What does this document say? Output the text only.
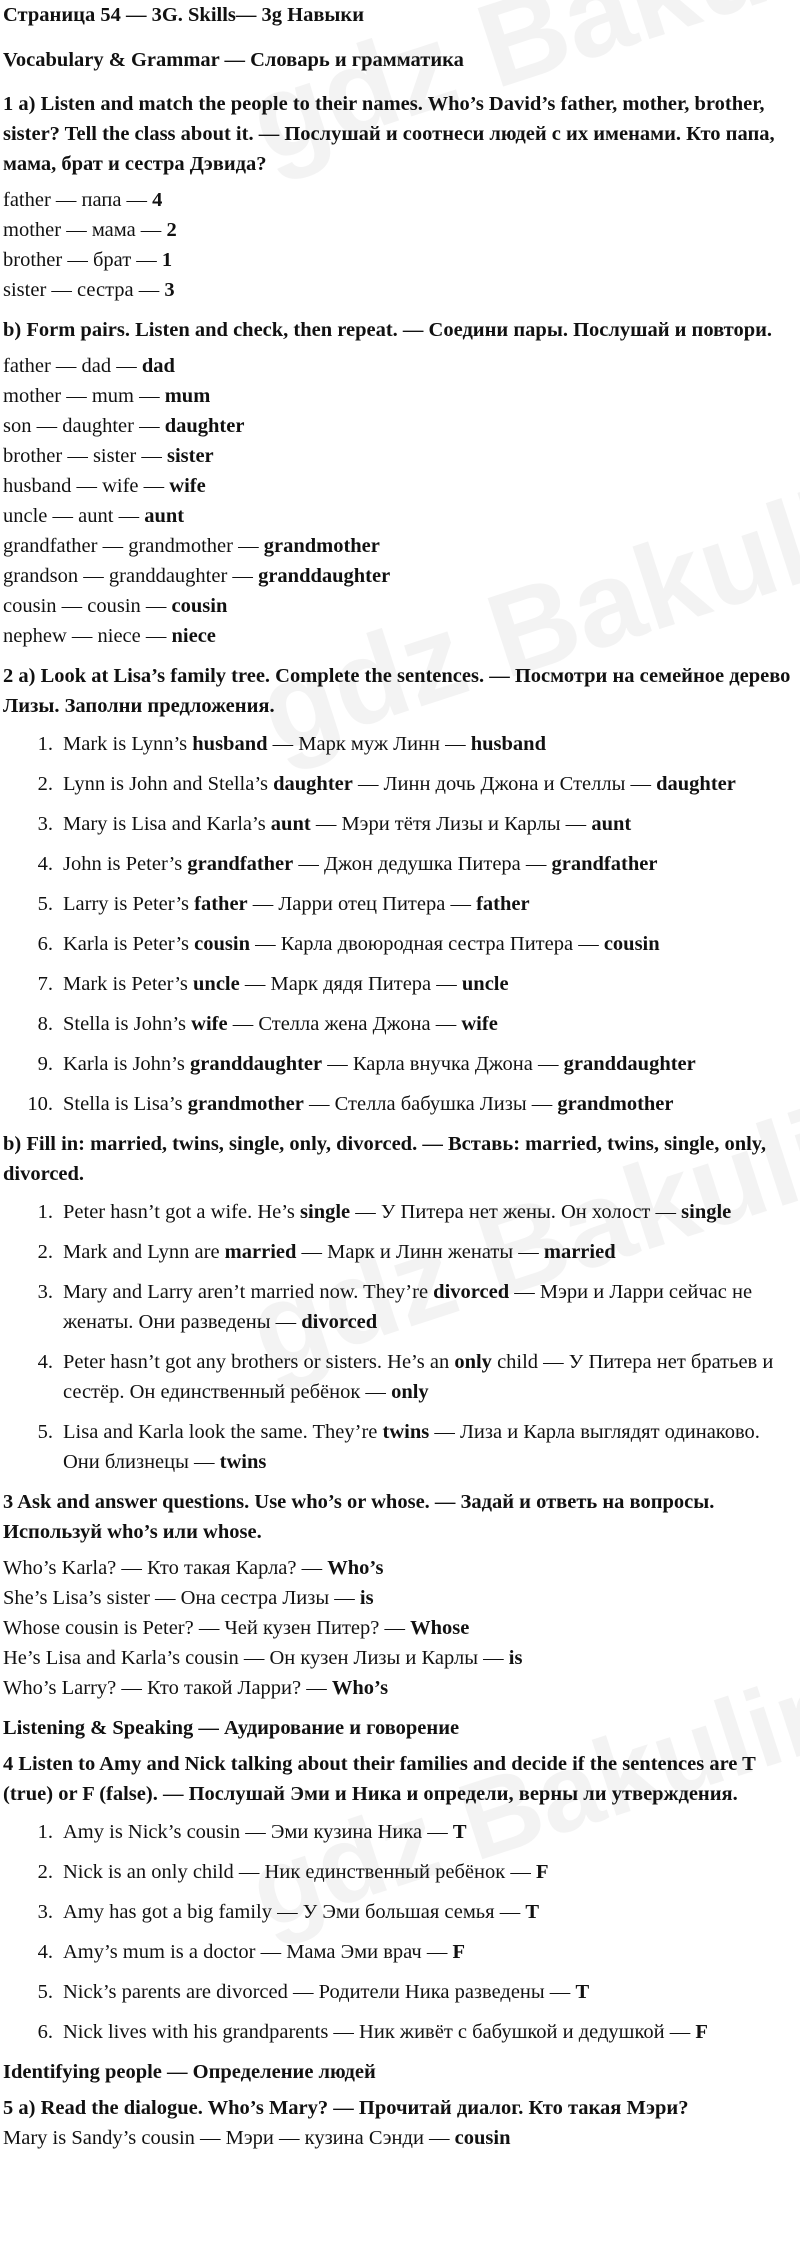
Страница 54 — 3G. Skills— 3g Навыки
Vocabulary & Grammar — Словарь и грамматика
1 a) Listen and match the people to their names. Who’s David’s father, mother, brother, sister? Tell the class about it. — Послушай и соотнеси людей с их именами. Кто папа, мама, брат и сестра Дэвида?
father — папа — 4
mother — мама — 2
brother — брат — 1
sister — сестра — 3
b) Form pairs. Listen and check, then repeat. — Соедини пары. Послушай и повтори.
father — dad — dad
mother — mum — mum
son — daughter — daughter
brother — sister — sister
husband — wife — wife
uncle — aunt — aunt
grandfather — grandmother — grandmother
grandson — granddaughter — granddaughter
cousin — cousin — cousin
nephew — niece — niece
2 a) Look at Lisa’s family tree. Complete the sentences. — Посмотри на семейное дерево Лизы. Заполни предложения.
1. Mark is Lynn’s husband — Марк муж Линн — husband
2. Lynn is John and Stella’s daughter — Линн дочь Джона и Стеллы — daughter
3. Mary is Lisa and Karla’s aunt — Мэри тётя Лизы и Карлы — aunt
4. John is Peter’s grandfather — Джон дедушка Питера — grandfather
5. Larry is Peter’s father — Ларри отец Питера — father
6. Karla is Peter’s cousin — Карла двоюродная сестра Питера — cousin
7. Mark is Peter’s uncle — Марк дядя Питера — uncle
8. Stella is John’s wife — Стелла жена Джона — wife
9. Karla is John’s granddaughter — Карла внучка Джона — granddaughter
10. Stella is Lisa’s grandmother — Стелла бабушка Лизы — grandmother
b) Fill in: married, twins, single, only, divorced. — Вставь: married, twins, single, only, divorced.
1. Peter hasn’t got a wife. He’s single — У Питера нет жены. Он холост — single
2. Mark and Lynn are married — Марк и Линн женаты — married
3. Mary and Larry aren’t married now. They’re divorced — Мэри и Ларри сейчас не женаты. Они разведены — divorced
4. Peter hasn’t got any brothers or sisters. He’s an only child — У Питера нет братьев и сестёр. Он единственный ребёнок — only
5. Lisa and Karla look the same. They’re twins — Лиза и Карла выглядят одинаково. Они близнецы — twins
3 Ask and answer questions. Use who’s or whose. — Задай и ответь на вопросы. Используй who’s или whose.
Who’s Karla? — Кто такая Карла? — Who’s
She’s Lisa’s sister — Она сестра Лизы — is
Whose cousin is Peter? — Чей кузен Питер? — Whose
He’s Lisa and Karla’s cousin — Он кузен Лизы и Карлы — is
Who’s Larry? — Кто такой Ларри? — Who’s
Listening & Speaking — Аудирование и говорение
4 Listen to Amy and Nick talking about their families and decide if the sentences are T (true) or F (false). — Послушай Эми и Ника и определи, верны ли утверждения.
1. Amy is Nick’s cousin — Эми кузина Ника — T
2. Nick is an only child — Ник единственный ребёнок — F
3. Amy has got a big family — У Эми большая семья — T
4. Amy’s mum is a doctor — Мама Эми врач — F
5. Nick’s parents are divorced — Родители Ника разведены — T
6. Nick lives with his grandparents — Ник живёт с бабушкой и дедушкой — F
Identifying people — Определение людей
5 a) Read the dialogue. Who’s Mary? — Прочитай диалог. Кто такая Мэри?
Mary is Sandy’s cousin — Мэри — кузина Сэнди — cousin
